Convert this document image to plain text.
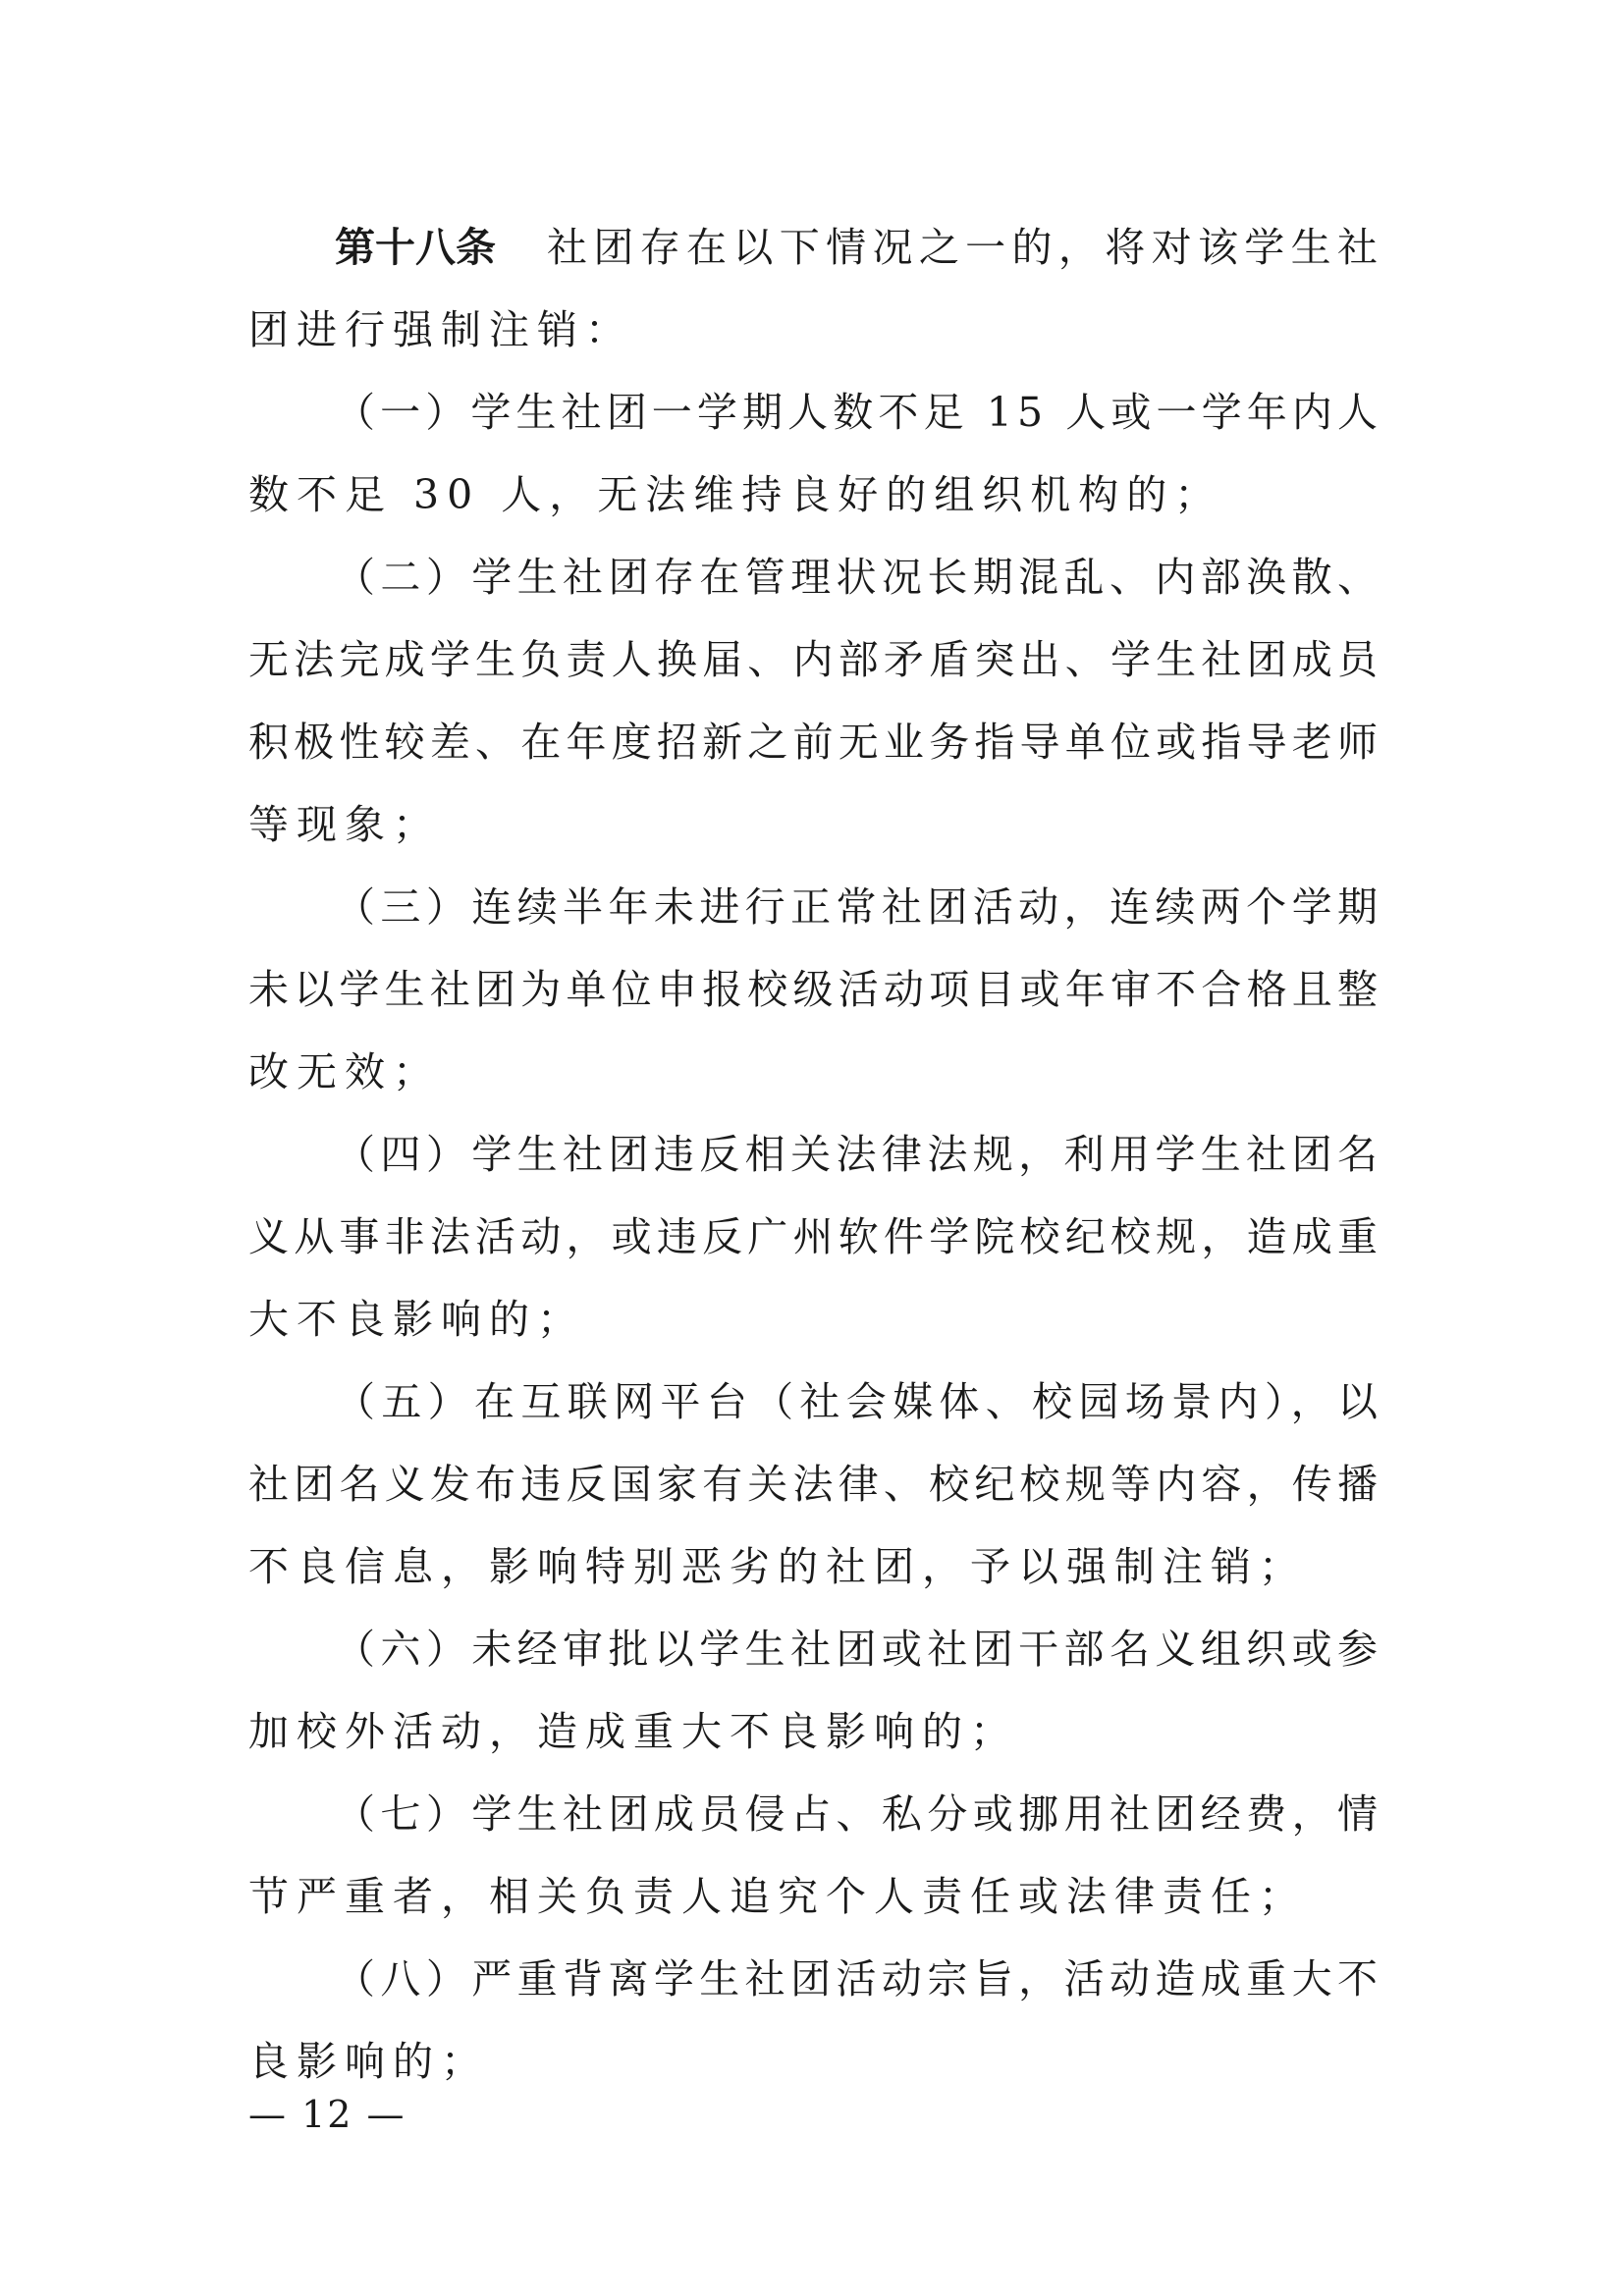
第十八条 社团存在以下情况之一的，将对该学生社
团进行强制注销：
（一）学生社团一学期人数不足 15 人或一学年内人
数不足 30 人，无法维持良好的组织机构的；
（二）学生社团存在管理状况长期混乱、内部涣散、
无法完成学生负责人换届、内部矛盾突出、学生社团成员
积极性较差、在年度招新之前无业务指导单位或指导老师
等现象；
（三）连续半年未进行正常社团活动，连续两个学期
未以学生社团为单位申报校级活动项目或年审不合格且整
改无效；
（四）学生社团违反相关法律法规，利用学生社团名
义从事非法活动，或违反广州软件学院校纪校规，造成重
大不良影响的；
（五）在互联网平台（社会媒体、校园场景内），以
社团名义发布违反国家有关法律、校纪校规等内容，传播
不良信息，影响特别恶劣的社团，予以强制注销；
（六）未经审批以学生社团或社团干部名义组织或参
加校外活动，造成重大不良影响的；
（七）学生社团成员侵占、私分或挪用社团经费，情
节严重者，相关负责人追究个人责任或法律责任；
（八）严重背离学生社团活动宗旨，活动造成重大不
良影响的；
— 12 —
